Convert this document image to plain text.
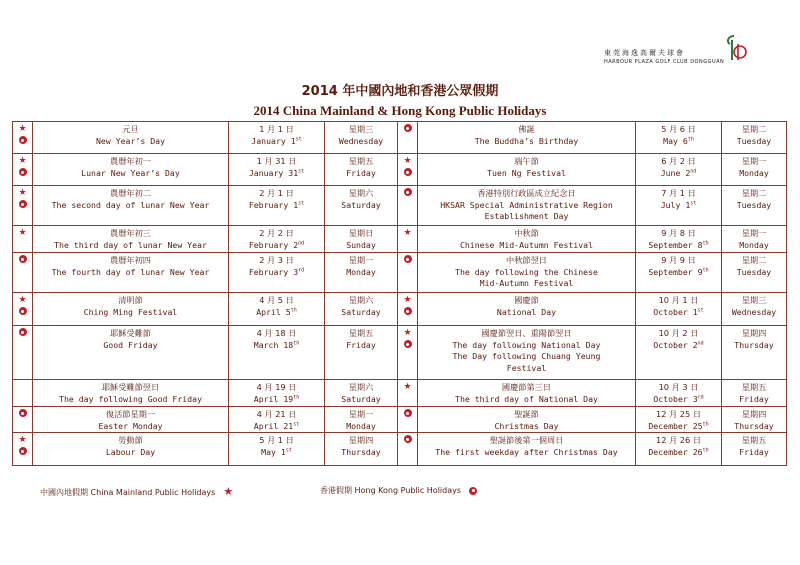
東莞海逸高爾夫球會
HARBOUR PLAZA GOLF CLUB DONGGUAN
2014 年中國內地和香港公眾假期
2014 China Mainland & Hong Kong Public Holidays
★	元旦
New Year’s Day	1 月 1 日
January 1st	星期三
Wednesday		佛誕
The Buddha’s Birthday	5 月 6 日
May 6th	星期二
Tuesday

★	農曆年初一
Lunar New Year’s Day	1 月 31 日
January 31st	星期五
Friday	★	端午節
Tuen Ng Festival	6 月 2 日
June 2nd	星期一
Monday

★	農曆年初二
The second day of lunar New Year	2 月 1 日
February 1st	星期六
Saturday		香港特別行政區成立紀念日
HKSAR Special Administrative Region
Establishment Day	7 月 1 日
July 1st	星期二
Tuesday

★	農曆年初三
The third day of lunar New Year	2 月 2 日
February 2nd	星期日
Sunday	★	中秋節
Chinese Mid-Autumn Festival	9 月 8 日
September 8th	星期一
Monday

	農曆年初四
The fourth day of lunar New Year	2 月 3 日
February 3rd	星期一
Monday		中秋節翌日
The day following the Chinese
Mid-Autumn Festival	9 月 9 日
September 9th	星期二
Tuesday

★	清明節
Ching Ming Festival	4 月 5 日
April 5th	星期六
Saturday	★	國慶節
National Day	10 月 1 日
October 1st	星期三
Wednesday

	耶穌受難節
Good Friday	4 月 18 日
March 18th	星期五
Friday	★	國慶節翌日、重陽節翌日
The day following National Day
The Day following Chuang Yeung
Festival	10 月 2 日
October 2nd	星期四
Thursday

	耶穌受難節翌日
The day following Good Friday	4 月 19 日
April 19th	星期六
Saturday	★	國慶節第三日
The third day of National Day	10 月 3 日
October 3rd	星期五
Friday

	復活節星期一
Easter Monday	4 月 21 日
April 21st	星期一
Monday		聖誕節
Christmas Day	12 月 25 日
December 25th	星期四
Thursday

★	勞動節
Labour Day	5 月 1 日
May 1st	星期四
Thursday		聖誕節後第一個周日
The first weekday after Christmas Day	12 月 26 日
December 26th	星期五
Friday
中國內地假期 China Mainland Public Holidays ★	香港假期 Hong Kong Public Holidays
